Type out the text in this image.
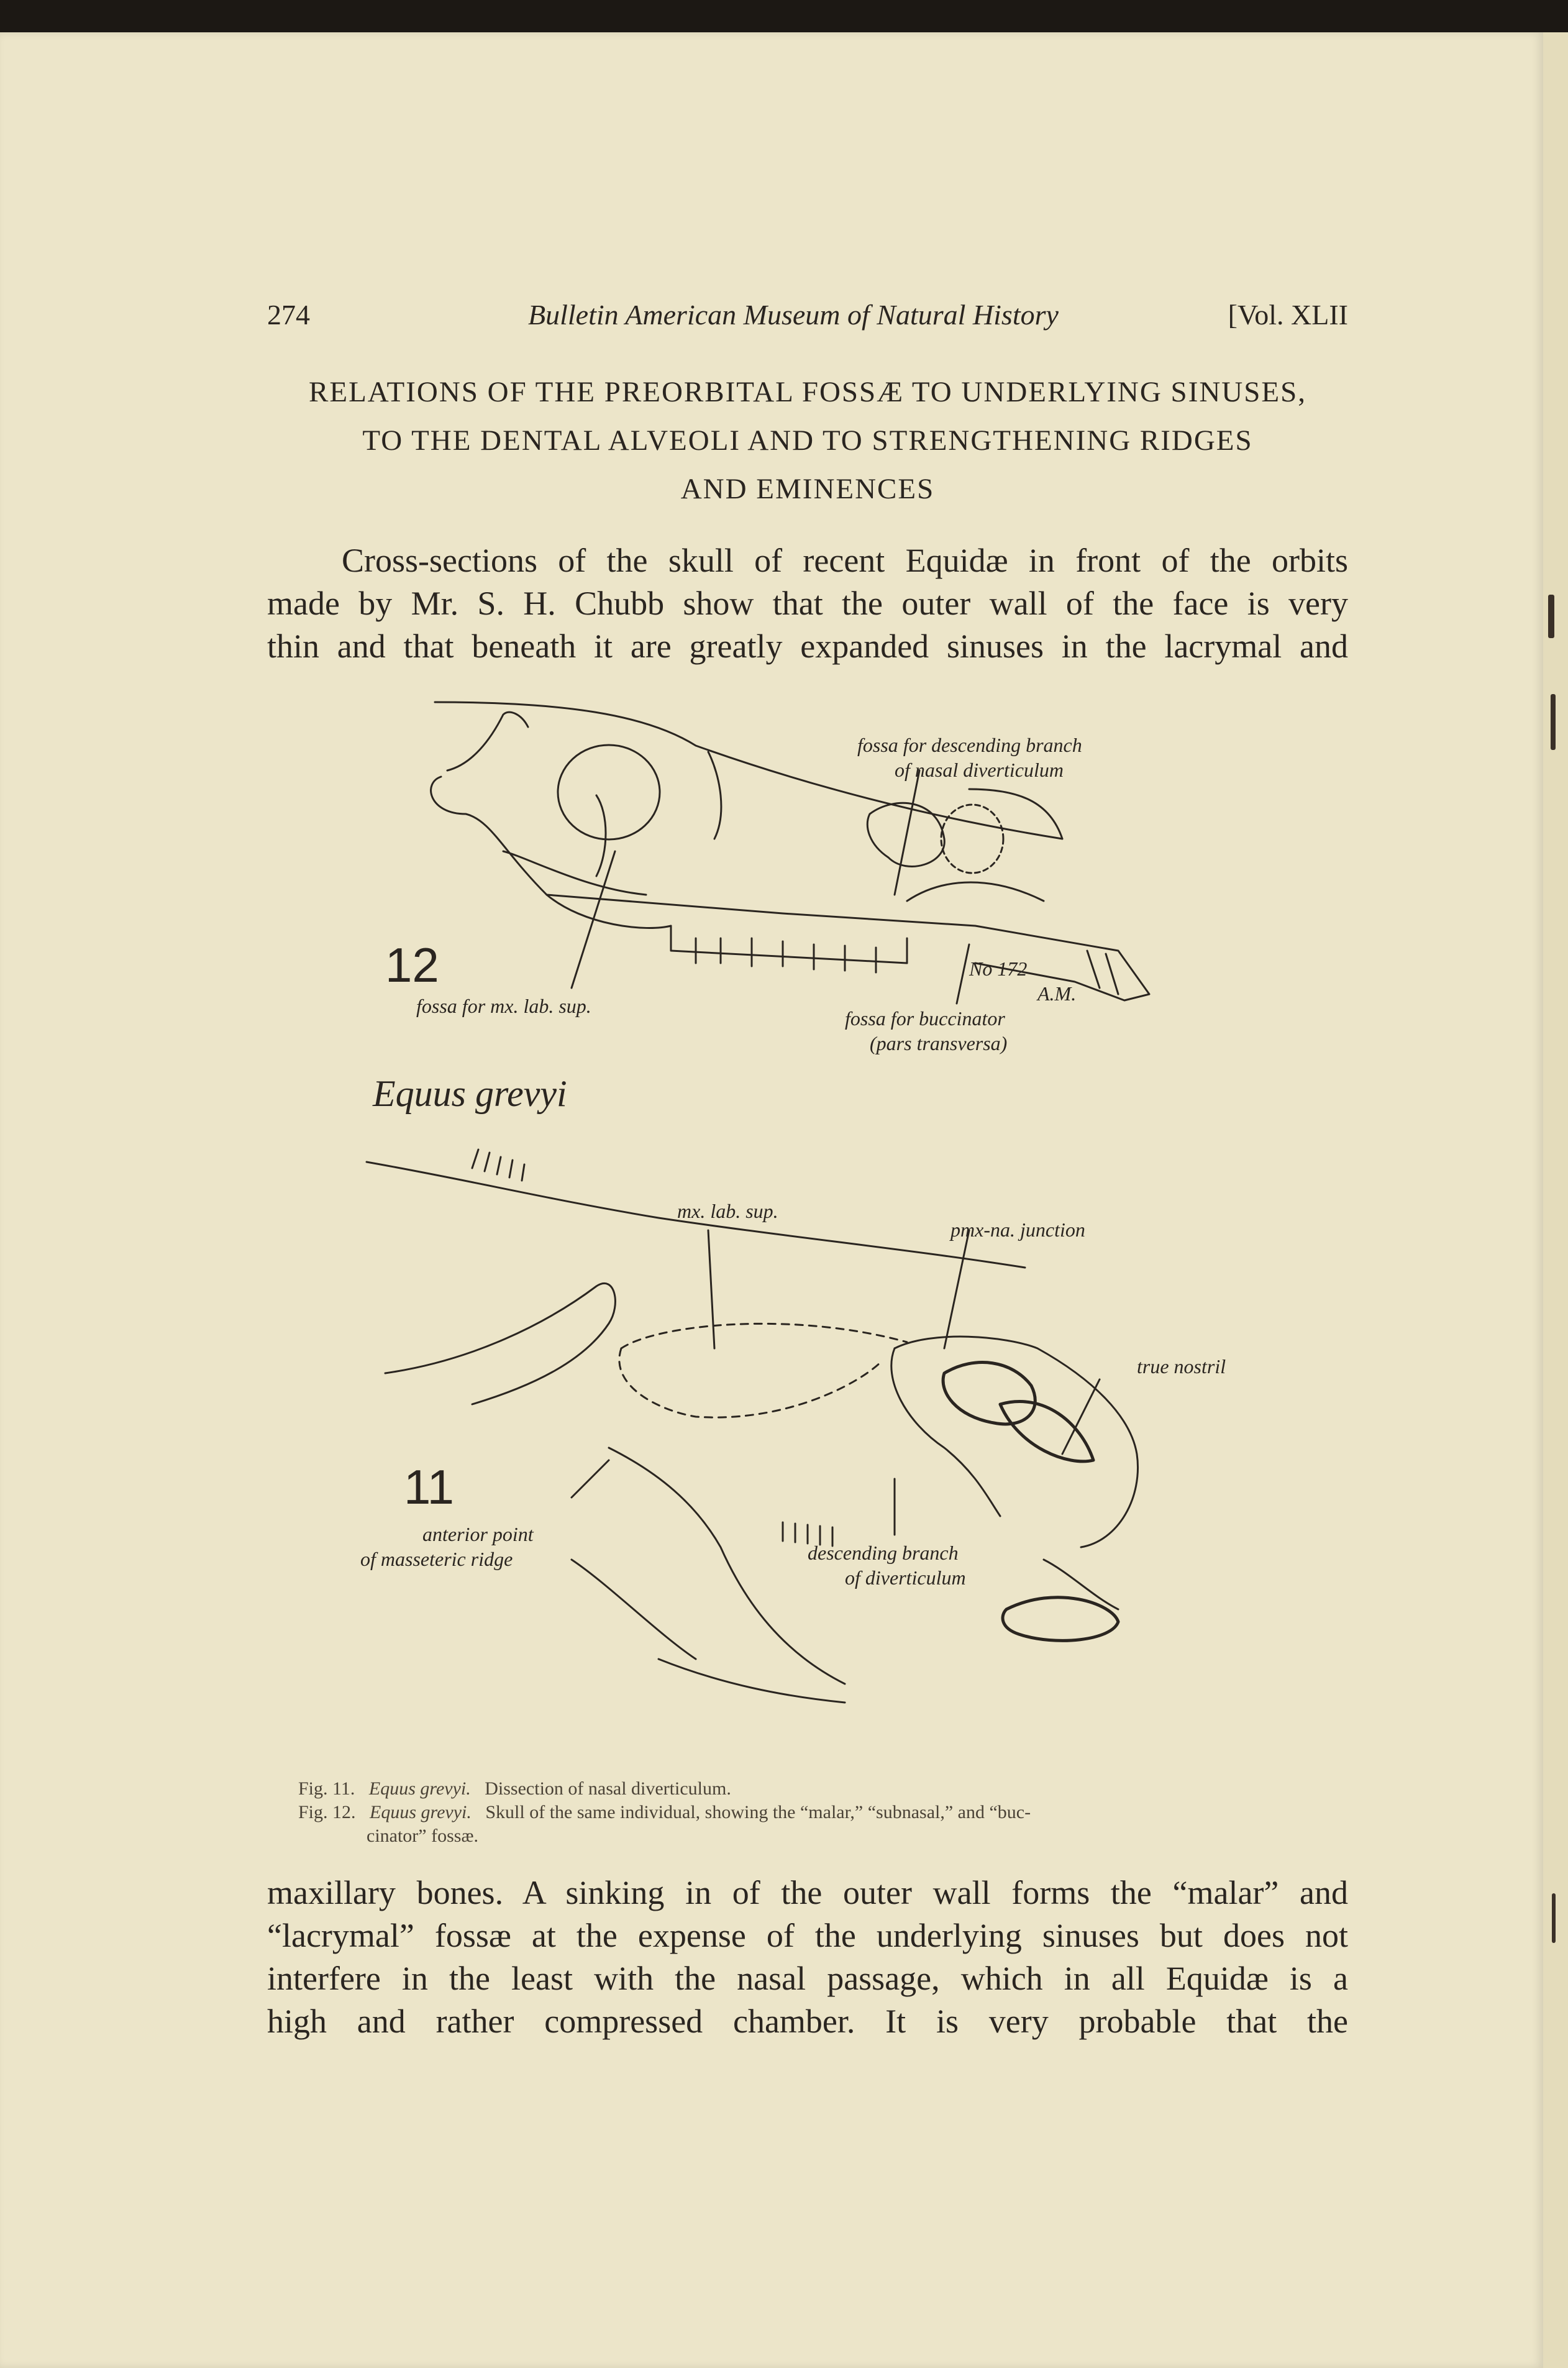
274	Bulletin American Museum of Natural History	[Vol. XLII
RELATIONS OF THE PREORBITAL FOSSÆ TO UNDERLYING SINUSES,
TO THE DENTAL ALVEOLI AND TO STRENGTHENING RIDGES
AND EMINENCES
Cross-sections of the skull of recent Equidæ in front of the orbits
made by Mr. S. H. Chubb show that the outer wall of the face is very
thin and that beneath it are greatly expanded sinuses in the lacrymal and
fossa for descending branch
of nasal diverticulum
fossa for mx. lab. sup.
No 172
A.M.
fossa for buccinator
(pars transversa)
Equus grevyi
mx. lab. sup.
pmx-na. junction
true nostril
anterior point
of masseteric ridge	descending branch
of diverticulum
12
11
Fig. 11. Equus grevyi. Dissection of nasal diverticulum.
Fig. 12. Equus grevyi. Skull of the same individual, showing the “malar,” “subnasal,” and “buc-
cinator” fossæ.
maxillary bones. A sinking in of the outer wall forms the “malar” and
“lacrymal” fossæ at the expense of the underlying sinuses but does not
interfere in the least with the nasal passage, which in all Equidæ is a
high and rather compressed chamber. It is very probable that the
